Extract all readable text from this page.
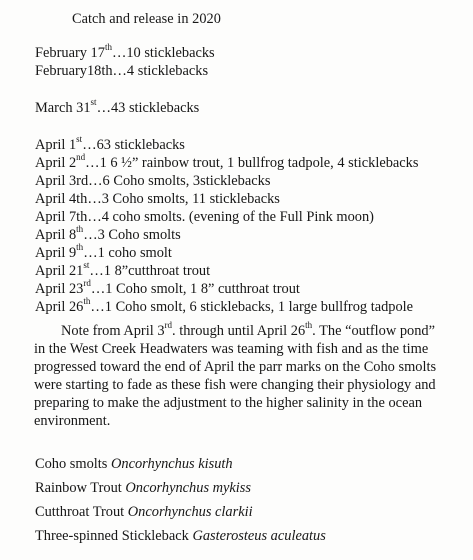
Catch and release in 2020
February 17th…10 sticklebacks
February18th…4 sticklebacks
March 31st…43 sticklebacks
April 1st…63 sticklebacks
April 2nd…1 6 ½” rainbow trout, 1 bullfrog tadpole, 4 sticklebacks
April 3rd…6 Coho smolts, 3sticklebacks
April 4th…3 Coho smolts, 11 sticklebacks
April 7th…4 coho smolts. (evening of the Full Pink moon)
April 8th…3 Coho smolts
April 9th…1 coho smolt
April 21st…1 8”cutthroat trout
April 23rd…1 Coho smolt, 1 8” cutthroat trout
April 26th…1 Coho smolt, 6 sticklebacks, 1 large bullfrog tadpole

Note from April 3rd. through until April 26th. The “outflow pond”
in the West Creek Headwaters was teaming with fish and as the time
progressed toward the end of April the parr marks on the Coho smolts
were starting to fade as these fish were changing their physiology and
preparing to make the adjustment to the higher salinity in the ocean
environment.

Coho smolts Oncorhynchus kisuth
Rainbow Trout Oncorhynchus mykiss
Cutthroat Trout Oncorhynchus clarkii
Three-spinned Stickleback Gasterosteus aculeatus
